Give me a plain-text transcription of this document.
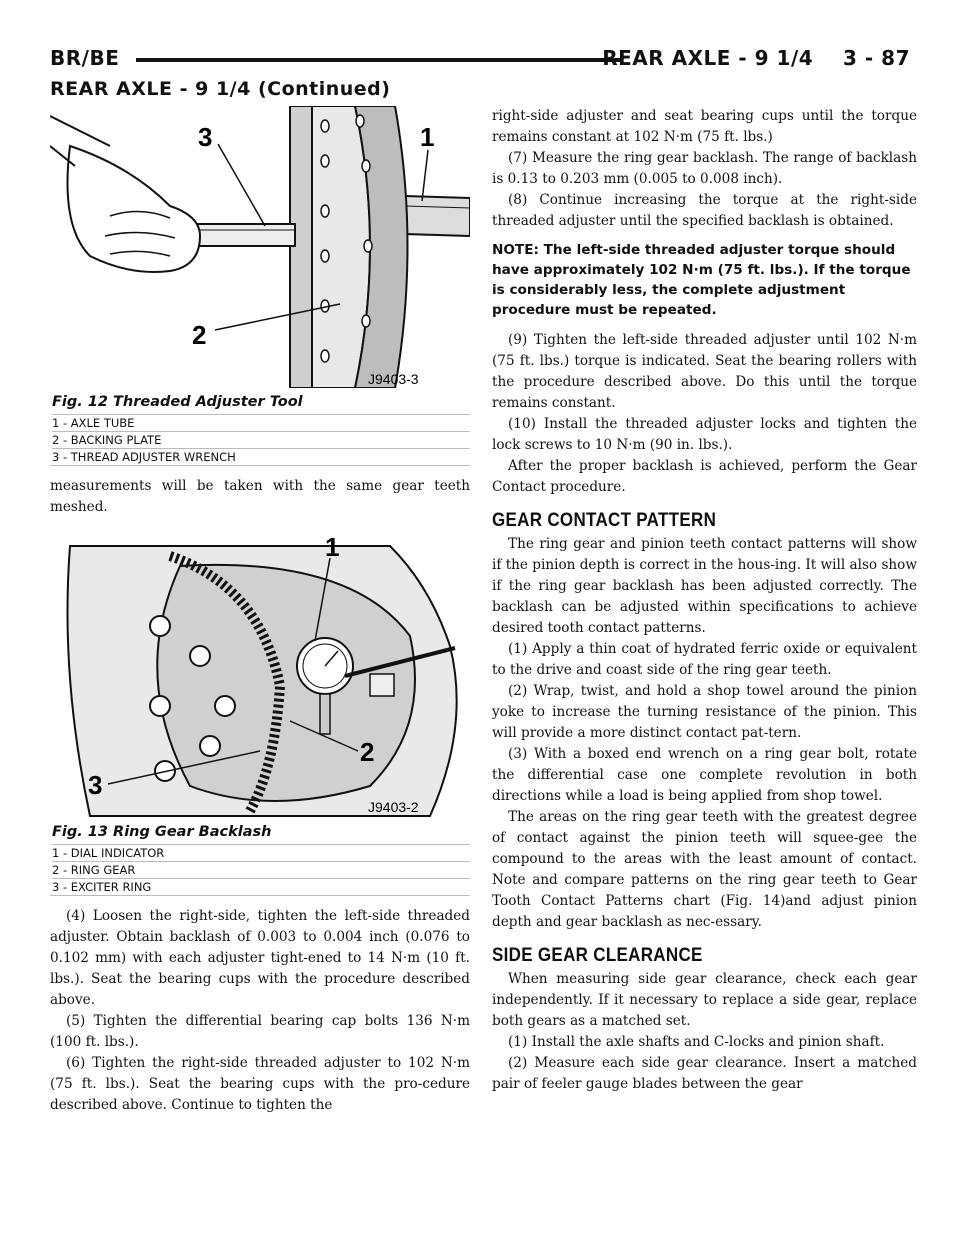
BR/BE	REAR AXLE - 9 1/4    3 - 87
REAR AXLE - 9 1/4 (Continued)
3	1
2
J9403-3
Fig. 12 Threaded Adjuster Tool
1 - AXLE TUBE
2 - BACKING PLATE
3 - THREAD ADJUSTER WRENCH

measurements will be taken with the same gear teeth meshed.

1
2
3
J9403-2
Fig. 13 Ring Gear Backlash
1 - DIAL INDICATOR
2 - RING GEAR
3 - EXCITER RING

(4) Loosen the right-side, tighten the left-side threaded adjuster. Obtain backlash of 0.003 to 0.004 inch (0.076 to 0.102 mm) with each adjuster tight-ened to 14 N·m (10 ft. lbs.). Seat the bearing cups with the procedure described above.

(5) Tighten the differential bearing cap bolts 136 N·m (100 ft. lbs.).

(6) Tighten the right-side threaded adjuster to 102 N·m (75 ft. lbs.). Seat the bearing cups with the pro-cedure described above. Continue to tighten the

right-side adjuster and seat bearing cups until the torque remains constant at 102 N·m (75 ft. lbs.)

(7) Measure the ring gear backlash. The range of backlash is 0.13 to 0.203 mm (0.005 to 0.008 inch).

(8) Continue increasing the torque at the right-side threaded adjuster until the specified backlash is obtained.

NOTE: The left-side threaded adjuster torque should have approximately 102 N·m (75 ft. lbs.). If the torque is considerably less, the complete adjustment procedure must be repeated.

(9) Tighten the left-side threaded adjuster until 102 N·m (75 ft. lbs.) torque is indicated. Seat the bearing rollers with the procedure described above. Do this until the torque remains constant.

(10) Install the threaded adjuster locks and tighten the lock screws to 10 N·m (90 in. lbs.).

After the proper backlash is achieved, perform the Gear Contact procedure.

GEAR CONTACT PATTERN

The ring gear and pinion teeth contact patterns will show if the pinion depth is correct in the hous-ing. It will also show if the ring gear backlash has been adjusted correctly. The backlash can be adjusted within specifications to achieve desired tooth contact patterns.

(1) Apply a thin coat of hydrated ferric oxide or equivalent to the drive and coast side of the ring gear teeth.

(2) Wrap, twist, and hold a shop towel around the pinion yoke to increase the turning resistance of the pinion. This will provide a more distinct contact pat-tern.

(3) With a boxed end wrench on a ring gear bolt, rotate the differential case one complete revolution in both directions while a load is being applied from shop towel.

The areas on the ring gear teeth with the greatest degree of contact against the pinion teeth will squee-gee the compound to the areas with the least amount of contact. Note and compare patterns on the ring gear teeth to Gear Tooth Contact Patterns chart (Fig. 14)and adjust pinion depth and gear backlash as nec-essary.

SIDE GEAR CLEARANCE

When measuring side gear clearance, check each gear independently. If it necessary to replace a side gear, replace both gears as a matched set.

(1) Install the axle shafts and C-locks and pinion shaft.

(2) Measure each side gear clearance. Insert a matched pair of feeler gauge blades between the gear
